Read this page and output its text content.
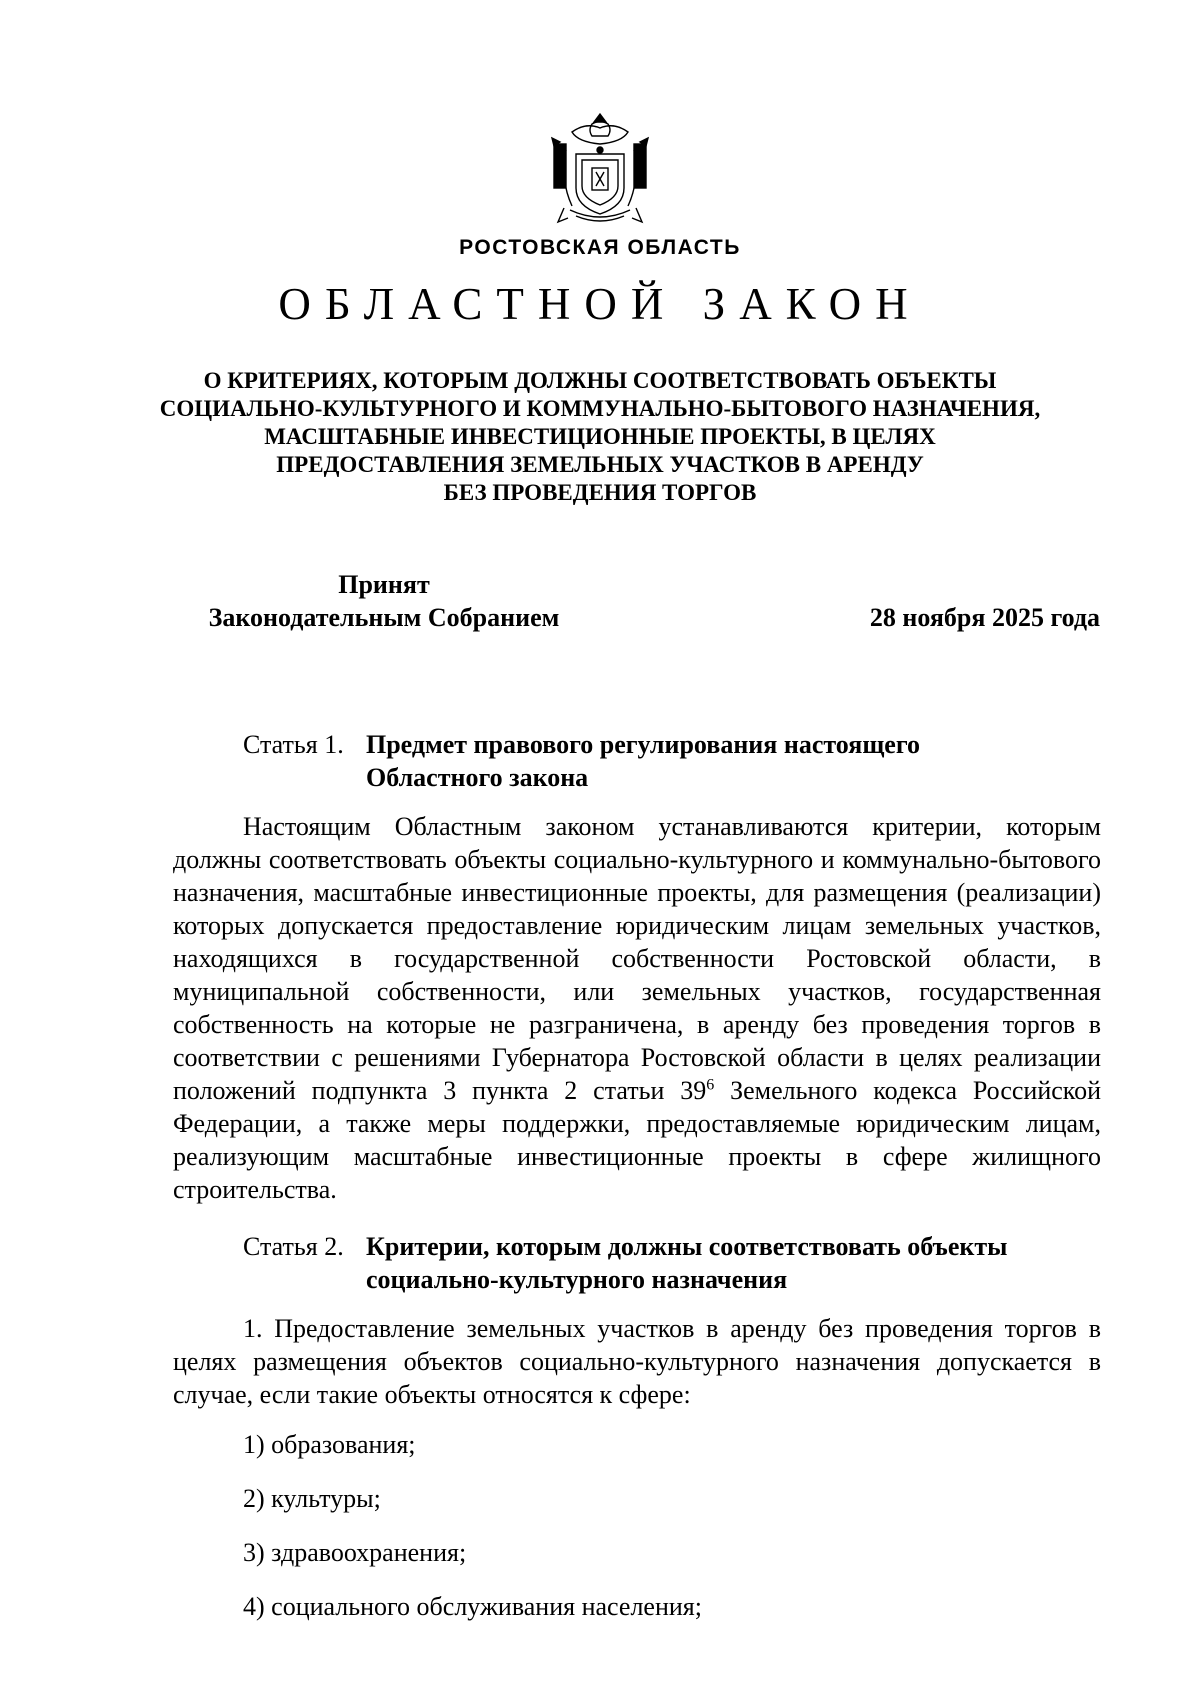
РОСТОВСКАЯ ОБЛАСТЬ
ОБЛАСТНОЙ ЗАКОН
О КРИТЕРИЯХ, КОТОРЫМ ДОЛЖНЫ СООТВЕТСТВОВАТЬ ОБЪЕКТЫ
СОЦИАЛЬНО-КУЛЬТУРНОГО И КОММУНАЛЬНО-БЫТОВОГО НАЗНАЧЕНИЯ,
МАСШТАБНЫЕ ИНВЕСТИЦИОННЫЕ ПРОЕКТЫ, В ЦЕЛЯХ
ПРЕДОСТАВЛЕНИЯ ЗЕМЕЛЬНЫХ УЧАСТКОВ В АРЕНДУ
БЕЗ ПРОВЕДЕНИЯ ТОРГОВ
Принят
Законодательным Собранием	28 ноября 2025 года
Статья 1. Предмет правового регулирования настоящего
Областного закона

Настоящим Областным законом устанавливаются критерии, которым должны соответствовать объекты социально-культурного и коммунально-бытового назначения, масштабные инвестиционные проекты, для размещения (реализации) которых допускается предоставление юридическим лицам земельных участков, находящихся в государственной собственности Ростовской области, в муниципальной собственности, или земельных участков, государственная собственность на которые не разграничена, в аренду без проведения торгов в соответствии с решениями Губернатора Ростовской области в целях реализации положений подпункта 3 пункта 2 статьи $39^6$ Земельного кодекса Российской Федерации, а также меры поддержки, предоставляемые юридическим лицам, реализующим масштабные инвестиционные проекты в сфере жилищного строительства.

Статья 2. Критерии, которым должны соответствовать объекты
социально-культурного назначения

1. Предоставление земельных участков в аренду без проведения торгов в целях размещения объектов социально-культурного назначения допускается в случае, если такие объекты относятся к сфере:

1) образования;

2) культуры;

3) здравоохранения;

4) социального обслуживания населения;
